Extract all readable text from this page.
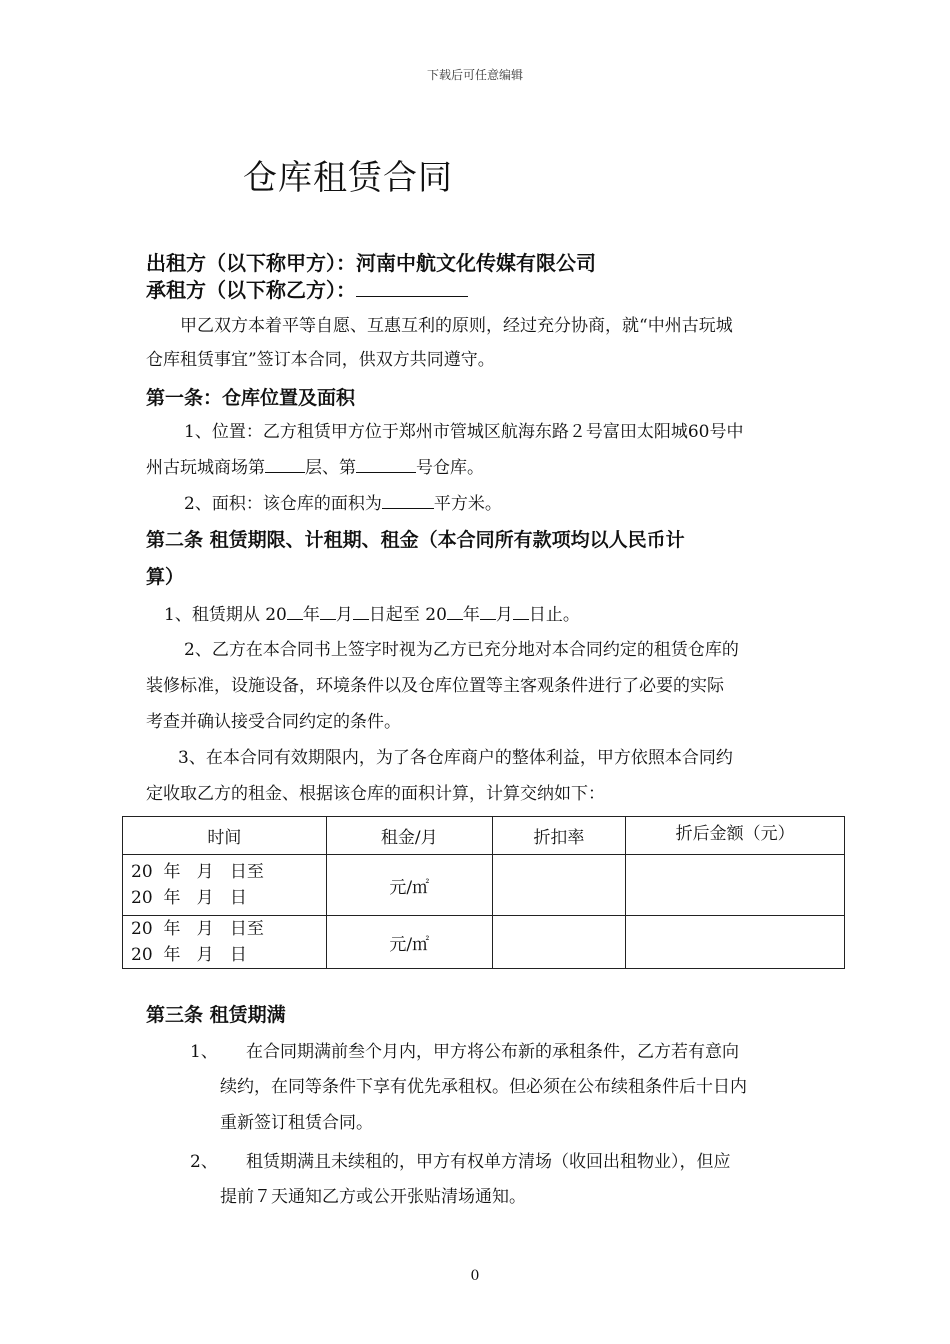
下载后可任意编辑
仓库租赁合同
出租方（以下称甲方）：河南中航文化传媒有限公司
承租方（以下称乙方）：
甲乙双方本着平等自愿、互惠互利的原则，经过充分协商，就“中州古玩城
仓库租赁事宜”签订本合同，供双方共同遵守。
第一条：仓库位置及面积
1、位置：乙方租赁甲方位于郑州市管城区航海东路２号富田太阳城60号中
州古玩城商场第 层、第	号仓库。
2、面积：该仓库的面积为	平方米。
第二条 租赁期限、计租期、租金（本合同所有款项均以人民币计
算）
1、租赁期从 20 年 月 日起至 20 年 月 日止。
2、乙方在本合同书上签字时视为乙方已充分地对本合同约定的租赁仓库的
装修标准，设施设备，环境条件以及仓库位置等主客观条件进行了必要的实际
考查并确认接受合同约定的条件。
3、在本合同有效期限内，为了各仓库商户的整体利益，甲方依照本合同约
定收取乙方的租金、根据该仓库的面积计算，计算交纳如下：
时间	租金/月	折扣率	折后金额（元）

20  年   月   日至
20  年   月   日	元/㎡		

20  年   月   日至
20  年   月   日	元/㎡		
第三条 租赁期满
1、 在合同期满前叁个月内，甲方将公布新的承租条件，乙方若有意向
续约，在同等条件下享有优先承租权。但必须在公布续租条件后十日内
重新签订租赁合同。
2、 租赁期满且未续租的，甲方有权单方清场（收回出租物业），但应
提前７天通知乙方或公开张贴清场通知。
0
